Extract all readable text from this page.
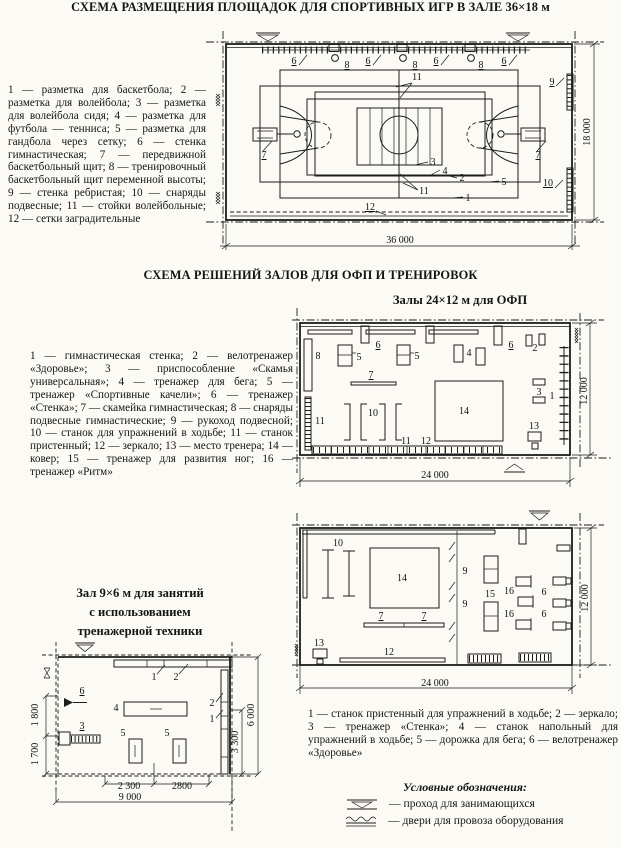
СХЕМА РАЗМЕЩЕНИЯ ПЛОЩАДОК ДЛЯ СПОРТИВНЫХ ИГР В ЗАЛЕ 36×18 м
1 — разметка для баскетбола; 2 — разметка для волейбола; 3 — разметка для волейбола сидя; 4 — разметка для футбола — тенниса; 5 — разметка для гандбола через сетку; 6 — стенка гимнастическая; 7 — передвижной баскетбольный щит; 8 — тренировочный баскетбольный щит переменной высоты; 9 — стенка ребристая; 10 — снаряды подвесные; 11 — стойки волейбольные; 12 — сетки заградительные
6	8 6	8 6	8 6
11
11
9
10
7	7
3
4
2	5
1
12
36 000
18 000
СХЕМА РЕШЕНИЙ ЗАЛОВ ДЛЯ ОФП И ТРЕНИРОВОК
Залы 24×12 м для ОФП
1 — гимнастическая стенка; 2 — велотренажер «Здоровье»; 3 — приспособление «Скамья универсальная»; 4 — тренажер для бега; 5 — тренажер «Спортивные качели»; 6 — тренажер «Стенка»; 7 — скамейка гимнастическая; 8 — снаряды подвесные гимнастические; 9 — рукоход подвесной; 10 — станок для упражнений в ходьбе; 11 — станок пристенный; 12 — зеркало; 13 — место тренера; 14 — ковер; 15 — тренажер для развития ног; 16 — тренажер «Ритм»
8
6
5	5	4
6 2
7
10
11
14
3 1
13
11 12
24 000
12 000
10
14
7	7
13
12
9
9
15 16
16
6
6
24 000
12 000
Зал 9×6 м для занятий
с использованием
тренажерной техники
1 2
6
4
3
5	5
2
1
1 800
1 700
3 300
6 000
2 300	2800
9 000
1 — станок пристенный для упражнений в ходьбе; 2 — зеркало; 3 — тренажер «Стенка»; 4 — станок напольный для упражнений в ходьбе; 5 — дорожка для бега; 6 — велотренажер «Здоровье»
Условные обозначения:
— проход для занимающихся
— двери для провоза оборудования
